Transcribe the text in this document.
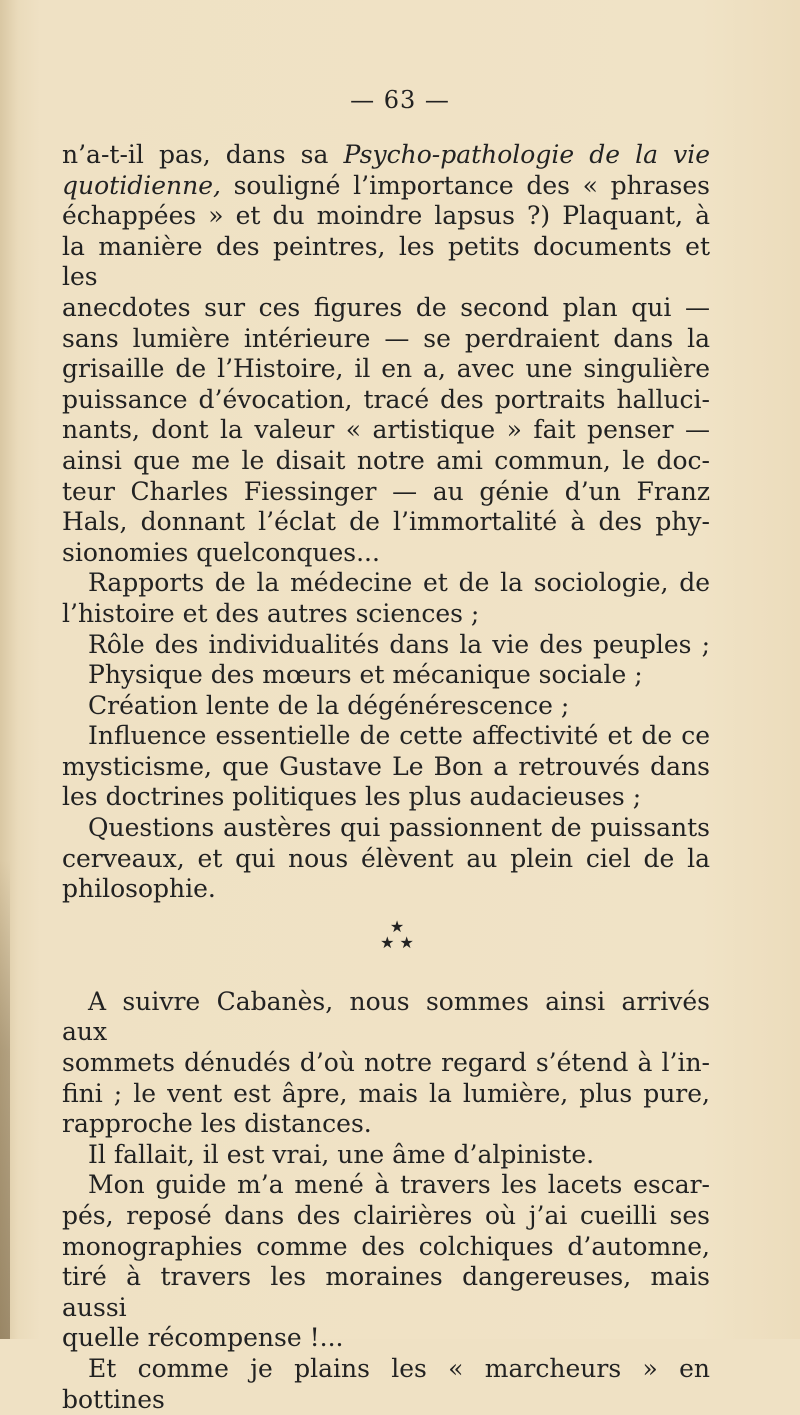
— 63 —

n’a-t-il pas, dans sa Psycho-pathologie de la vie

quotidienne, souligné l’importance des « phrases

échappées » et du moindre lapsus ?) Plaquant, à

la manière des peintres, les petits documents et les

anecdotes sur ces figures de second plan qui —

sans lumière intérieure — se perdraient dans la

grisaille de l’Histoire, il en a, avec une singulière

puissance d’évocation, tracé des portraits halluci-

nants, dont la valeur « artistique » fait penser —

ainsi que me le disait notre ami commun, le doc-

teur Charles Fiessinger — au génie d’un Franz

Hals, donnant l’éclat de l’immortalité à des phy-

sionomies quelconques...

Rapports de la médecine et de la sociologie, de

l’histoire et des autres sciences ;

Rôle des individualités dans la vie des peuples ;

Physique des mœurs et mécanique sociale ;

Création lente de la dégénérescence ;

Influence essentielle de cette affectivité et de ce

mysticisme, que Gustave Le Bon a retrouvés dans

les doctrines politiques les plus audacieuses ;

Questions austères qui passionnent de puissants

cerveaux, et qui nous élèvent au plein ciel de la

philosophie.

★
★ ★

A suivre Cabanès, nous sommes ainsi arrivés aux

sommets dénudés d’où notre regard s’étend à l’in-

fini ; le vent est âpre, mais la lumière, plus pure,

rapproche les distances.

Il fallait, il est vrai, une âme d’alpiniste.

Mon guide m’a mené à travers les lacets escar-

pés, reposé dans des clairières où j’ai cueilli ses

monographies comme des colchiques d’automne,

tiré à travers les moraines dangereuses, mais aussi

quelle récompense !...

Et comme je plains les « marcheurs » en bottines
